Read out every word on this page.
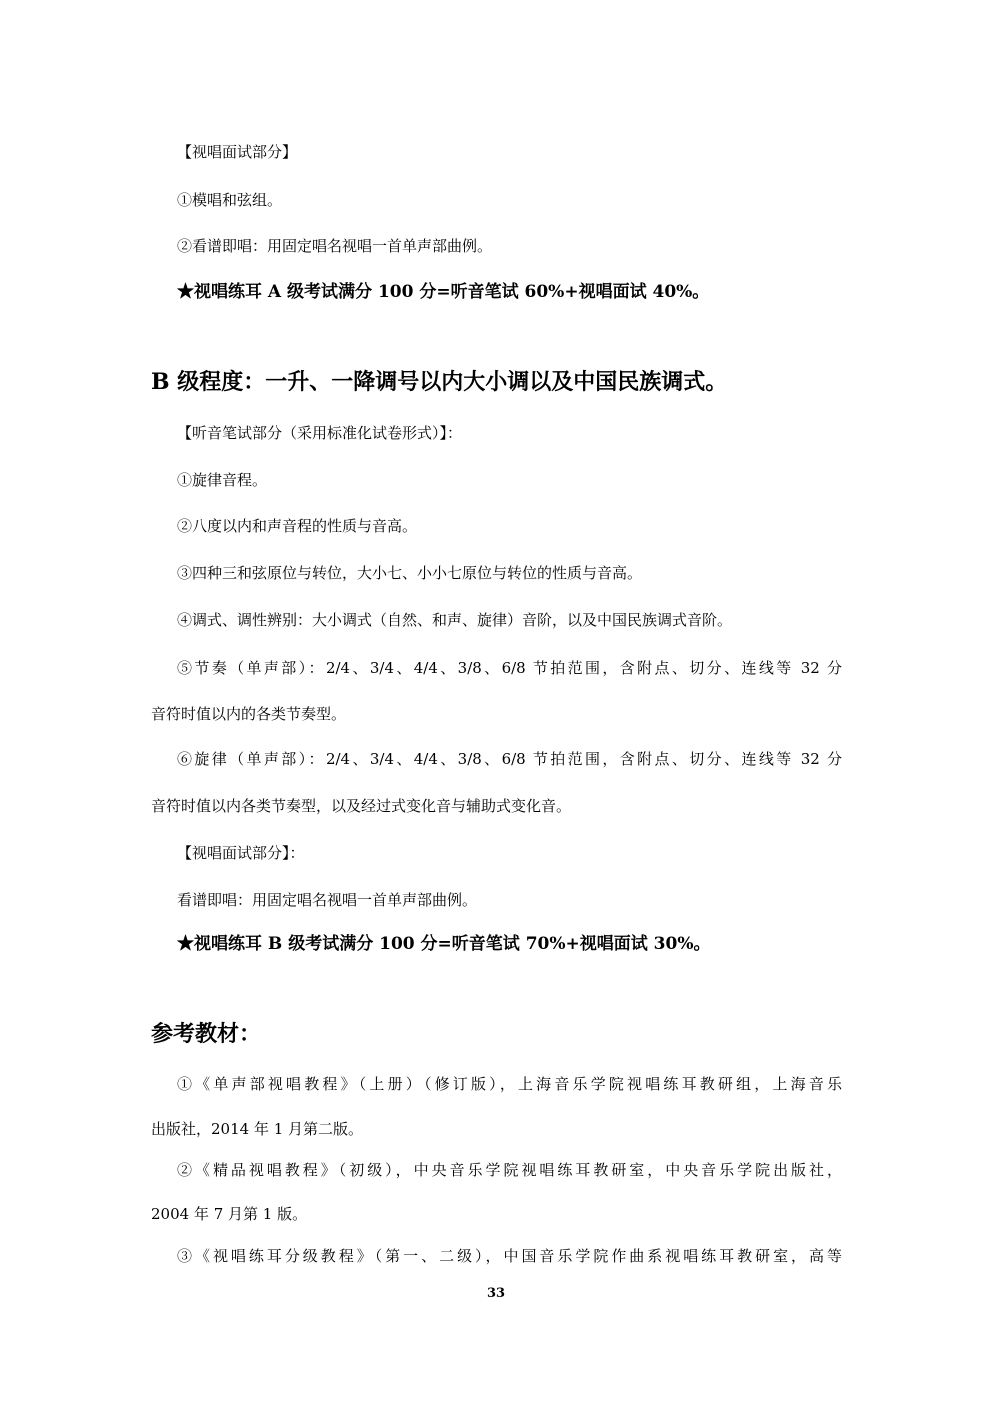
【视唱面试部分】
①模唱和弦组。
②看谱即唱：用固定唱名视唱一首单声部曲例。
★视唱练耳 A 级考试满分 100 分=听音笔试 60%+视唱面试 40%。
B 级程度：一升、一降调号以内大小调以及中国民族调式。
【听音笔试部分（采用标准化试卷形式）】：
①旋律音程。
②八度以内和声音程的性质与音高。
③四种三和弦原位与转位，大小七、小小七原位与转位的性质与音高。
④调式、调性辨别：大小调式（自然、和声、旋律）音阶，以及中国民族调式音阶。
⑤节奏（单声部）：2/4、3/4、4/4、3/8、6/8 节拍范围，含附点、切分、连线等 32 分
音符时值以内的各类节奏型。
⑥旋律（单声部）：2/4、3/4、4/4、3/8、6/8 节拍范围，含附点、切分、连线等 32 分
音符时值以内各类节奏型，以及经过式变化音与辅助式变化音。
【视唱面试部分】：
看谱即唱：用固定唱名视唱一首单声部曲例。
★视唱练耳 B 级考试满分 100 分=听音笔试 70%+视唱面试 30%。
参考教材：
①《单声部视唱教程》（上册）（修订版），上海音乐学院视唱练耳教研组，上海音乐
出版社，2014 年 1 月第二版。
②《精品视唱教程》（初级），中央音乐学院视唱练耳教研室，中央音乐学院出版社，
2004 年 7 月第 1 版。
③《视唱练耳分级教程》（第一、二级），中国音乐学院作曲系视唱练耳教研室，高等
33
